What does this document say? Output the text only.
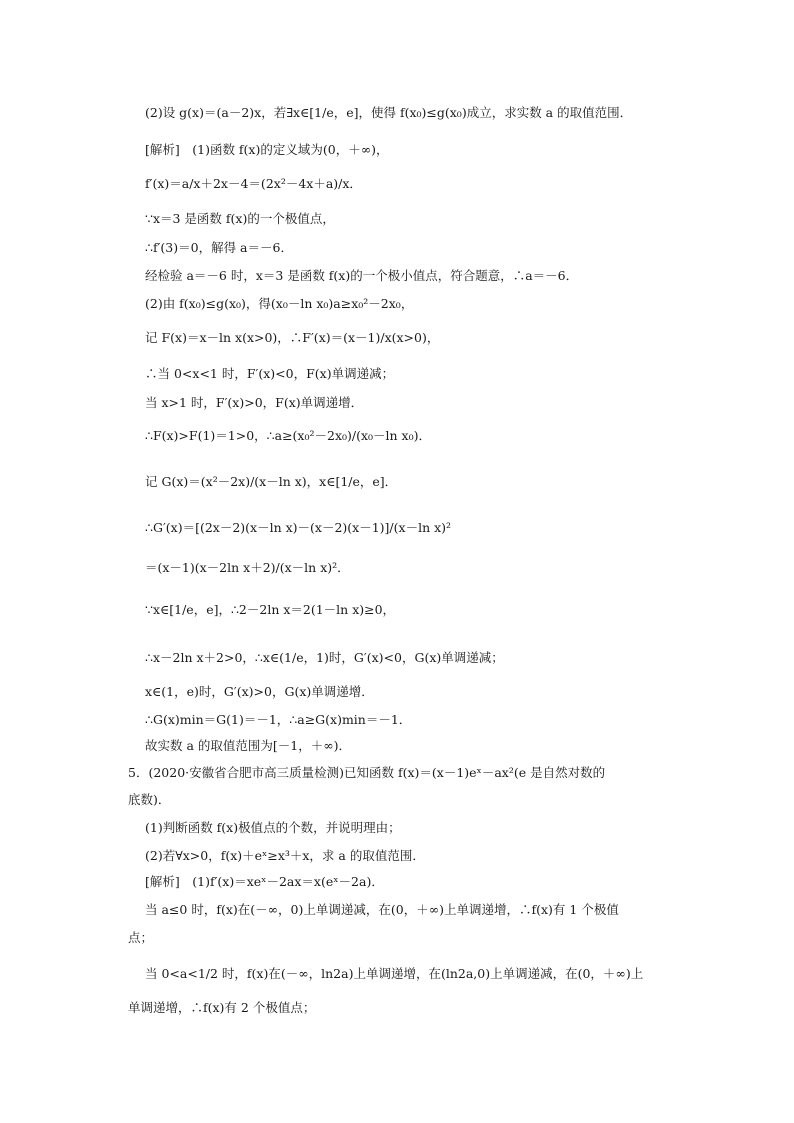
(2)设 g(x)＝(a－2)x，若∃x∈[1/e，e]，使得 f(x₀)≤g(x₀)成立，求实数 a 的取值范围．
[解析]　(1)函数 f(x)的定义域为(0，＋∞)，
f′(x)＝a/x＋2x－4＝(2x²－4x＋a)/x．
∵x＝3 是函数 f(x)的一个极值点，
∴f′(3)＝0，解得 a＝－6．
经检验 a＝－6 时，x＝3 是函数 f(x)的一个极小值点，符合题意，∴a＝－6．
(2)由 f(x₀)≤g(x₀)，得(x₀－ln x₀)a≥x₀²－2x₀，
记 F(x)＝x－ln x(x>0)，∴F′(x)＝(x－1)/x(x>0)，
∴当 0<x<1 时，F′(x)<0，F(x)单调递减；
当 x>1 时，F′(x)>0，F(x)单调递增．
∴F(x)>F(1)＝1>0，∴a≥(x₀²－2x₀)/(x₀－ln x₀)．
记 G(x)＝(x²－2x)/(x－ln x)，x∈[1/e，e]．
∴G′(x)＝[(2x－2)(x－ln x)－(x－2)(x－1)]/(x－ln x)²
＝(x－1)(x－2ln x＋2)/(x－ln x)²．
∵x∈[1/e，e]，∴2－2ln x＝2(1－ln x)≥0，
∴x－2ln x＋2>0，∴x∈(1/e，1)时，G′(x)<0，G(x)单调递减；
x∈(1，e)时，G′(x)>0，G(x)单调递增．
∴G(x)min＝G(1)＝－1，∴a≥G(x)min＝－1．
故实数 a 的取值范围为[－1，＋∞)．
5．(2020·安徽省合肥市高三质量检测)已知函数 f(x)＝(x－1)eˣ－ax²(e 是自然对数的
底数)．
(1)判断函数 f(x)极值点的个数，并说明理由；
(2)若∀x>0，f(x)＋eˣ≥x³＋x，求 a 的取值范围．
[解析]　(1)f′(x)＝xeˣ－2ax＝x(eˣ－2a)．
当 a≤0 时，f(x)在(－∞，0)上单调递减，在(0，＋∞)上单调递增，∴f(x)有 1 个极值
点；
当 0<a<1/2 时，f(x)在(－∞，ln2a)上单调递增，在(ln2a,0)上单调递减，在(0，＋∞)上
单调递增，∴f(x)有 2 个极值点；
